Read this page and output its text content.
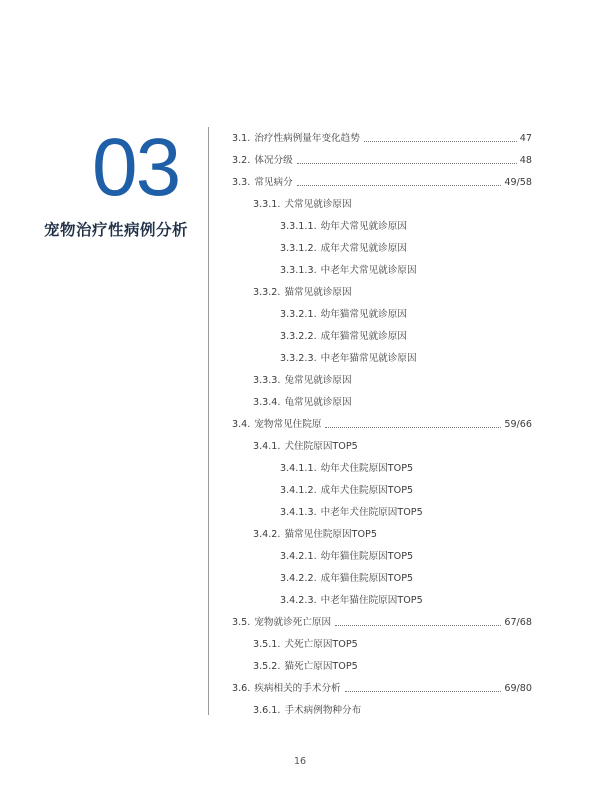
03
宠物治疗性病例分析
3.1. 治疗性病例量年变化趋势	47
3.2. 体况分级	48
3.3. 常见病分	49/58
3.3.1. 犬常见就诊原因
3.3.1.1. 幼年犬常见就诊原因
3.3.1.2. 成年犬常见就诊原因
3.3.1.3. 中老年犬常见就诊原因
3.3.2. 猫常见就诊原因
3.3.2.1. 幼年猫常见就诊原因
3.3.2.2. 成年猫常见就诊原因
3.3.2.3. 中老年猫常见就诊原因
3.3.3. 兔常见就诊原因
3.3.4. 龟常见就诊原因
3.4. 宠物常见住院原	59/66
3.4.1. 犬住院原因TOP5
3.4.1.1. 幼年犬住院原因TOP5
3.4.1.2. 成年犬住院原因TOP5
3.4.1.3. 中老年犬住院原因TOP5
3.4.2. 猫常见住院原因TOP5
3.4.2.1. 幼年猫住院原因TOP5
3.4.2.2. 成年猫住院原因TOP5
3.4.2.3. 中老年猫住院原因TOP5
3.5. 宠物就诊死亡原因	67/68
3.5.1. 犬死亡原因TOP5
3.5.2. 猫死亡原因TOP5
3.6. 疾病相关的手术分析	69/80
3.6.1. 手术病例物种分布
16
